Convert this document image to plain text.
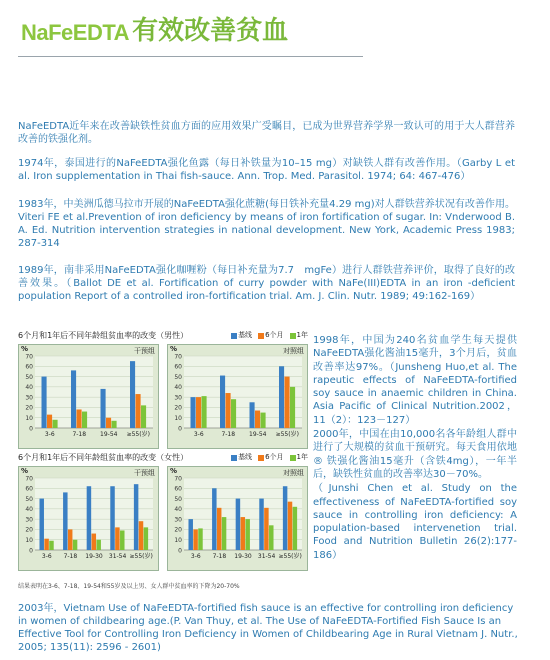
NaFeEDTA 有效改善贫血

NaFeEDTA近年来在改善缺铁性贫血方面的应用效果广受瞩目，已成为世界营养学界一致认可的用于大人群营养改善的铁强化剂。

1974年，泰国进行的NaFeEDTA强化鱼露（每日补铁量为10–15 mg）对缺铁人群有改善作用。（Garby L et al. Iron supplementation in Thai fish-sauce. Ann. Trop. Med. Parasitol. 1974; 64: 467-476）

1983年，中美洲瓜德马拉市开展的NaFeEDTA强化蔗糖(每日铁补充量4.29 mg)对人群铁营养状况有改善作用。Viteri FE et al.Prevention of iron deficiency by means of iron fortification of sugar. In: Vnderwood B. A. Ed. Nutrition intervention strategies in national development. New York, Academic Press 1983; 287-314

1989年，南非采用NaFeEDTA强化咖喱粉（每日补充量为7.7　mgFe）进行人群铁营养评价，取得了良好的改善效果。（Ballot DE et al. Fortification of curry powder with NaFe(III)EDTA in an iron -deficient population Report of a controlled iron-fortification trial. Am. J. Clin. Nutr. 1989; 49:162-169）

6个月和1年后不同年龄组贫血率的改变（男性）	基线 6个月 1年
%	干预组
0
10
20
30
40
50
60
70
3-6	7-18 19-54 ≥55(岁)
%	对照组
0
10
20
30
40
50
60
70
3-6	7-18 19-54 ≥55(岁)
6个月和1年后不同年龄组贫血率的改变（女性）	基线 6个月 1年
%	干预组
0
10
20
30
40
50
60
70
3-6 7-18 19-30 31-54 ≥55(岁)
%	对照组
0
10
20
30
40
50
60
70
3-6 7-18 19-30 31-54 ≥55(岁)
结果表明在3-6、7-18、19-54和55岁及以上男、女人群中贫血率的下降为20-70%

1998年，中国为240名贫血学生每天提供NaFeEDTA强化酱油15毫升，3个月后，贫血改善率达97%。（Junsheng Huo,et al. The rapeutic effects of NaFeEDTA-fortified soy sauce in anaemic children in China. Asia Pacific of Clinical Nutrition.2002，11（2）：123－127）

2000年，中国在由10,000名各年龄组人群中进行了大规模的贫血干预研究。每天食用依地® 铁强化酱油15毫升（含铁4mg），一年半后，缺铁性贫血的改善率达30－70%。

（Junshi Chen et al. Study on the effectiveness of NaFeEDTA-fortified soy sauce in controlling iron deficiency: A population-based intervenetion trial. Food and Nutrition Bulletin 26(2):177-186）

2003年，Vietnam Use of NaFeEDTA-fortified fish sauce is an effective for controlling iron deficiency in women of childbearing age.(P. Van Thuy, et al. The Use of NaFeEDTA-Fortified Fish Sauce Is an Effective Tool for Controlling Iron Deficiency in Women of Childbearing Age in Rural Vietnam J. Nutr., 2005; 135(11): 2596 - 2601)
